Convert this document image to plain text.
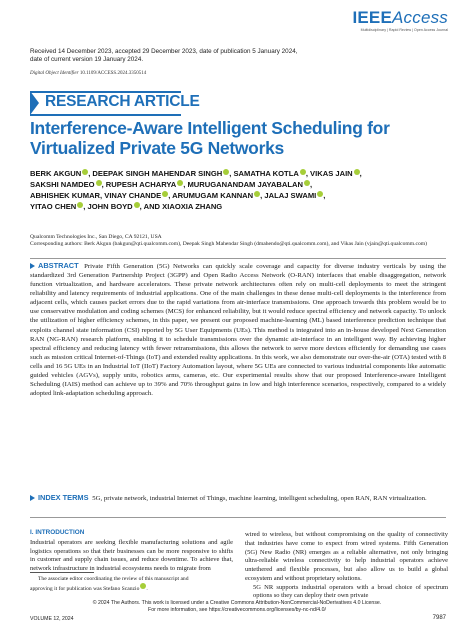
IEEEAccess
Multidisciplinary | Rapid Review | Open Access Journal
Received 14 December 2023, accepted 29 December 2023, date of publication 5 January 2024,
date of current version 19 January 2024.
Digital Object Identifier 10.1109/ACCESS.2024.3350514
RESEARCH ARTICLE
Interference-Aware Intelligent Scheduling for Virtualized Private 5G Networks
BERK AKGUN , DEEPAK SINGH MAHENDAR SINGH , SAMATHA KOTLA , VIKAS JAIN ,
SAKSHI NAMDEO , RUPESH ACHARYA , MURUGANANDAM JAYABALAN ,
ABHISHEK KUMAR, VINAY CHANDE , ARUMUGAM KANNAN , JALAJ SWAMI ,
YITAO CHEN , JOHN BOYD , AND XIAOXIA ZHANG
Qualcomm Technologies Inc., San Diego, CA 92121, USA
Corresponding authors: Berk Akgun (bakgun@qti.qualcomm.com), Deepak Singh Mahendar Singh (dmahendo@qti.qualcomm.com), and Vikas Jain (vjain@qti.qualcomm.com)
ABSTRACT Private Fifth Generation (5G) Networks can quickly scale coverage and capacity for diverse industry verticals by using the standardized 3rd Generation Partnership Project (3GPP) and Open Radio Access Network (O-RAN) interfaces that enable disaggregation, network function virtualization, and hardware accelerators. These private network architectures often rely on multi-cell deployments to meet the stringent reliability and latency requirements of industrial applications. One of the main challenges in these dense multi-cell deployments is the interference from adjacent cells, which causes packet errors due to the rapid variations from air-interface transmissions. One approach towards this problem would be to use conservative modulation and coding schemes (MCS) for enhanced reliability, but it would reduce spectral efficiency and network capacity. To unlock the utilization of higher efficiency schemes, in this paper, we present our proposed machine-learning (ML) based interference prediction technique that exploits channel state information (CSI) reported by 5G User Equipments (UEs). This method is integrated into an in-house developed Next Generation RAN (NG-RAN) research platform, enabling it to schedule transmissions over the dynamic air-interface in an intelligent way. By achieving higher spectral efficiency and reducing latency with fewer retransmissions, this allows the network to serve more devices efficiently for demanding use cases such as mission critical Internet-of-Things (IoT) and extended reality applications. In this work, we also demonstrate our over-the-air (OTA) tested with 8 cells and 16 5G UEs in an Industrial IoT (IIoT) Factory Automation layout, where 5G UEs are connected to various industrial components like automatic guided vehicles (AGVs), supply units, robotics arms, cameras, etc. Our experimental results show that our proposed Interference-aware Intelligent Scheduling (IAIS) method can achieve up to 39% and 70% throughput gains in low and high interference scenarios, respectively, compared to a widely adopted link-adaptation scheduling approach.
INDEX TERMS 5G, private network, industrial Internet of Things, machine learning, intelligent scheduling, open RAN, RAN virtualization.
I. INTRODUCTION
Industrial operators are seeking flexible manufacturing solutions and agile logistics operations so that their businesses can be more responsive to shifts in customer and supply chain issues, and reduce downtime. To achieve that, network infrastructure in industrial ecosystems needs to migrate from
wired to wireless, but without compromising on the quality of connectivity that industries have come to expect from wired systems. Fifth Generation (5G) New Radio (NR) emerges as a reliable alternative, not only bringing ultra-reliable wireless connectivity to help industrial operators achieve untethered and flexible processes, but also allow us to build a global ecosystem and without proprietary solutions.
5G NR supports industrial operators with a broad choice of spectrum options so they can deploy their own private
The associate editor coordinating the review of this manuscript and
approving it for publication was Stefano Scanzio .
© 2024 The Authors. This work is licensed under a Creative Commons Attribution-NonCommercial-NoDerivatives 4.0 License.
For more information, see https://creativecommons.org/licenses/by-nc-nd/4.0/
VOLUME 12, 2024	7987
